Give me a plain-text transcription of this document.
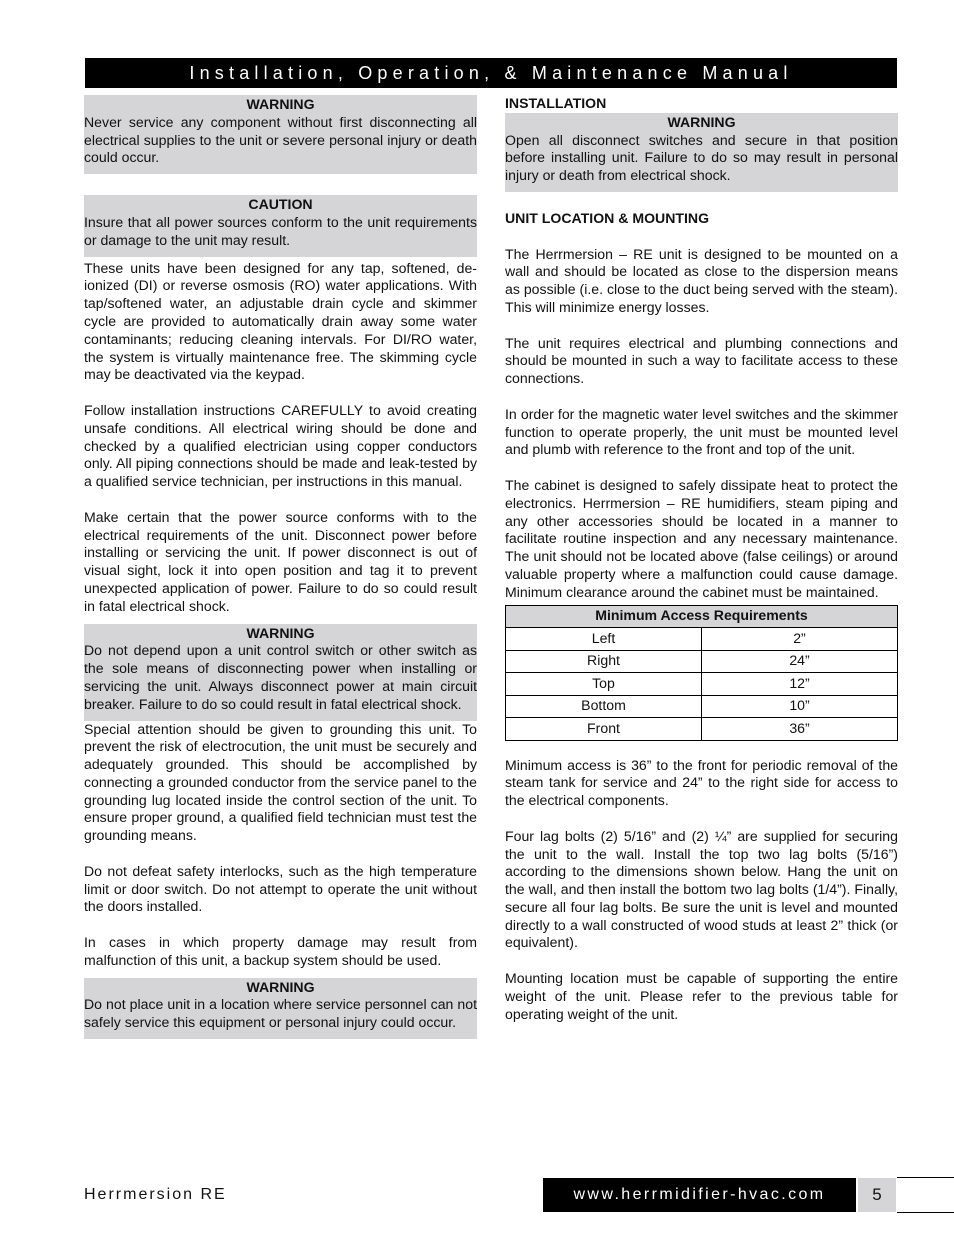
Installation, Operation, & Maintenance Manual
WARNING

Never service any component without first disconnecting all electrical supplies to the unit or severe personal injury or death could occur.

CAUTION

Insure that all power sources conform to the unit requirements or damage to the unit may result.

These units have been designed for any tap, softened, de-ionized (DI) or reverse osmosis (RO) water applications. With tap/softened water, an adjustable drain cycle and skimmer cycle are provided to automatically drain away some water contaminants; reducing cleaning intervals. For DI/RO water, the system is virtually maintenance free. The skimming cycle may be deactivated via the keypad.

Follow installation instructions CAREFULLY to avoid creating unsafe conditions. All electrical wiring should be done and checked by a qualified electrician using copper conductors only. All piping connections should be made and leak-tested by a qualified service technician, per instructions in this manual.

Make certain that the power source conforms with to the electrical requirements of the unit. Disconnect power before installing or servicing the unit. If power disconnect is out of visual sight, lock it into open position and tag it to prevent unexpected application of power. Failure to do so could result in fatal electrical shock.

WARNING

Do not depend upon a unit control switch or other switch as the sole means of disconnecting power when installing or servicing the unit. Always disconnect power at main circuit breaker. Failure to do so could result in fatal electrical shock.

Special attention should be given to grounding this unit. To prevent the risk of electrocution, the unit must be securely and adequately grounded. This should be accomplished by connecting a grounded conductor from the service panel to the grounding lug located inside the control section of the unit. To ensure proper ground, a qualified field technician must test the grounding means.

Do not defeat safety interlocks, such as the high temperature limit or door switch. Do not attempt to operate the unit without the doors installed.

In cases in which property damage may result from malfunction of this unit, a backup system should be used.

WARNING

Do not place unit in a location where service personnel can not safely service this equipment or personal injury could occur.

INSTALLATION
WARNING

Open all disconnect switches and secure in that position before installing unit. Failure to do so may result in personal injury or death from electrical shock.

UNIT LOCATION & MOUNTING

The Herrmersion – RE unit is designed to be mounted on a wall and should be located as close to the dispersion means as possible (i.e. close to the duct being served with the steam). This will minimize energy losses.

The unit requires electrical and plumbing connections and should be mounted in such a way to facilitate access to these connections.

In order for the magnetic water level switches and the skimmer function to operate properly, the unit must be mounted level and plumb with reference to the front and top of the unit.

The cabinet is designed to safely dissipate heat to protect the electronics. Herrmersion – RE humidifiers, steam piping and any other accessories should be located in a manner to facilitate routine inspection and any necessary maintenance. The unit should not be located above (false ceilings) or around valuable property where a malfunction could cause damage. Minimum clearance around the cabinet must be maintained.

Minimum Access Requirements	
Left	2”
Right	24”
Top	12”
Bottom	10”
Front	36”

Minimum access is 36” to the front for periodic removal of the steam tank for service and 24” to the right side for access to the electrical components.

Four lag bolts (2) 5/16” and (2) ¼” are supplied for securing the unit to the wall. Install the top two lag bolts (5/16”) according to the dimensions shown below. Hang the unit on the wall, and then install the bottom two lag bolts (1/4”). Finally, secure all four lag bolts. Be sure the unit is level and mounted directly to a wall constructed of wood studs at least 2” thick (or equivalent).

Mounting location must be capable of supporting the entire weight of the unit. Please refer to the previous table for operating weight of the unit.

Herrmersion RE	www.herrmidifier-hvac.com	5
